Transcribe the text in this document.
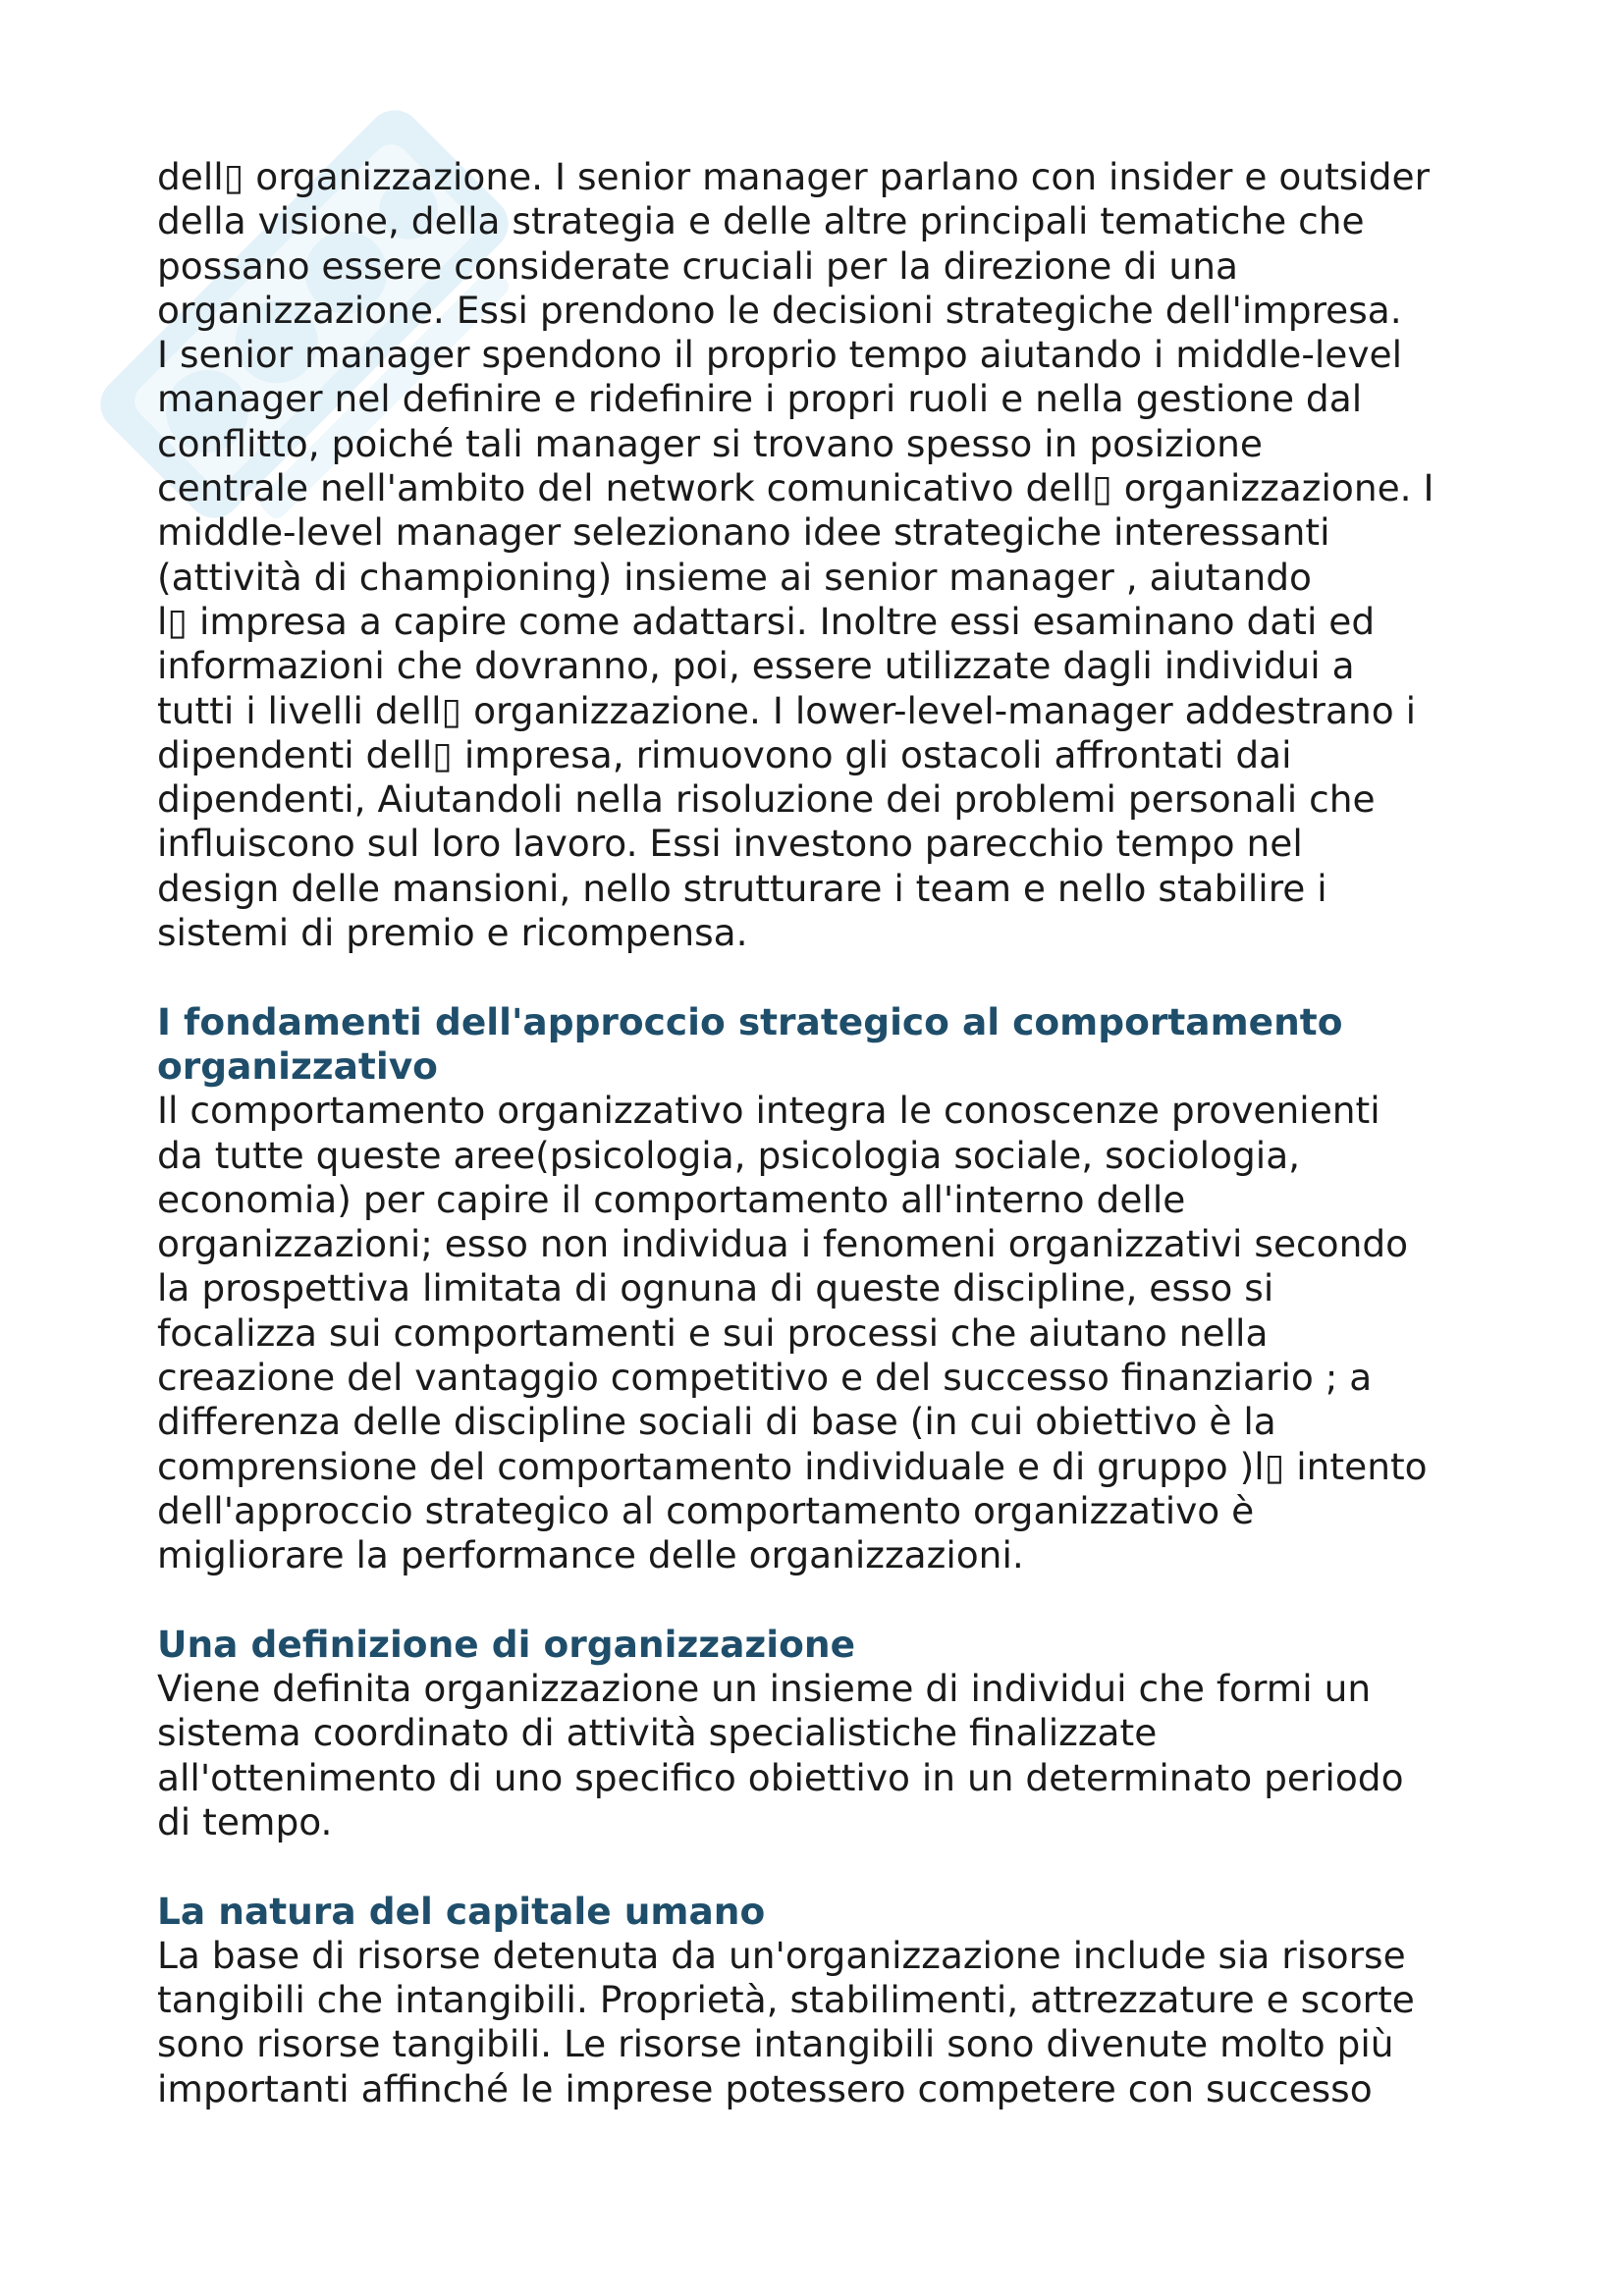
dell▯ organizzazione. I senior manager parlano con insider e outsider
della visione, della strategia e delle altre principali tematiche che
possano essere considerate cruciali per la direzione di una
organizzazione. Essi prendono le decisioni strategiche dell'impresa.
I senior manager spendono il proprio tempo aiutando i middle-level
manager nel definire e ridefinire i propri ruoli e nella gestione dal
conflitto, poiché tali manager si trovano spesso in posizione
centrale nell'ambito del network comunicativo dell▯ organizzazione. I
middle-level manager selezionano idee strategiche interessanti
(attività di championing) insieme ai senior manager , aiutando
l▯ impresa a capire come adattarsi. Inoltre essi esaminano dati ed
informazioni che dovranno, poi, essere utilizzate dagli individui a
tutti i livelli dell▯ organizzazione. I lower-level-manager addestrano i
dipendenti dell▯ impresa, rimuovono gli ostacoli affrontati dai
dipendenti, Aiutandoli nella risoluzione dei problemi personali che
influiscono sul loro lavoro. Essi investono parecchio tempo nel
design delle mansioni, nello strutturare i team e nello stabilire i
sistemi di premio e ricompensa.

I fondamenti dell'approccio strategico al comportamento
organizzativo

Il comportamento organizzativo integra le conoscenze provenienti
da tutte queste aree(psicologia, psicologia sociale, sociologia,
economia) per capire il comportamento all'interno delle
organizzazioni; esso non individua i fenomeni organizzativi secondo
la prospettiva limitata di ognuna di queste discipline, esso si
focalizza sui comportamenti e sui processi che aiutano nella
creazione del vantaggio competitivo e del successo finanziario ; a
differenza delle discipline sociali di base (in cui obiettivo è la
comprensione del comportamento individuale e di gruppo )l▯ intento
dell'approccio strategico al comportamento organizzativo è
migliorare la performance delle organizzazioni.

Una definizione di organizzazione

Viene definita organizzazione un insieme di individui che formi un
sistema coordinato di attività specialistiche finalizzate
all'ottenimento di uno specifico obiettivo in un determinato periodo
di tempo.

La natura del capitale umano

La base di risorse detenuta da un'organizzazione include sia risorse
tangibili che intangibili. Proprietà, stabilimenti, attrezzature e scorte
sono risorse tangibili. Le risorse intangibili sono divenute molto più
importanti affinché le imprese potessero competere con successo
